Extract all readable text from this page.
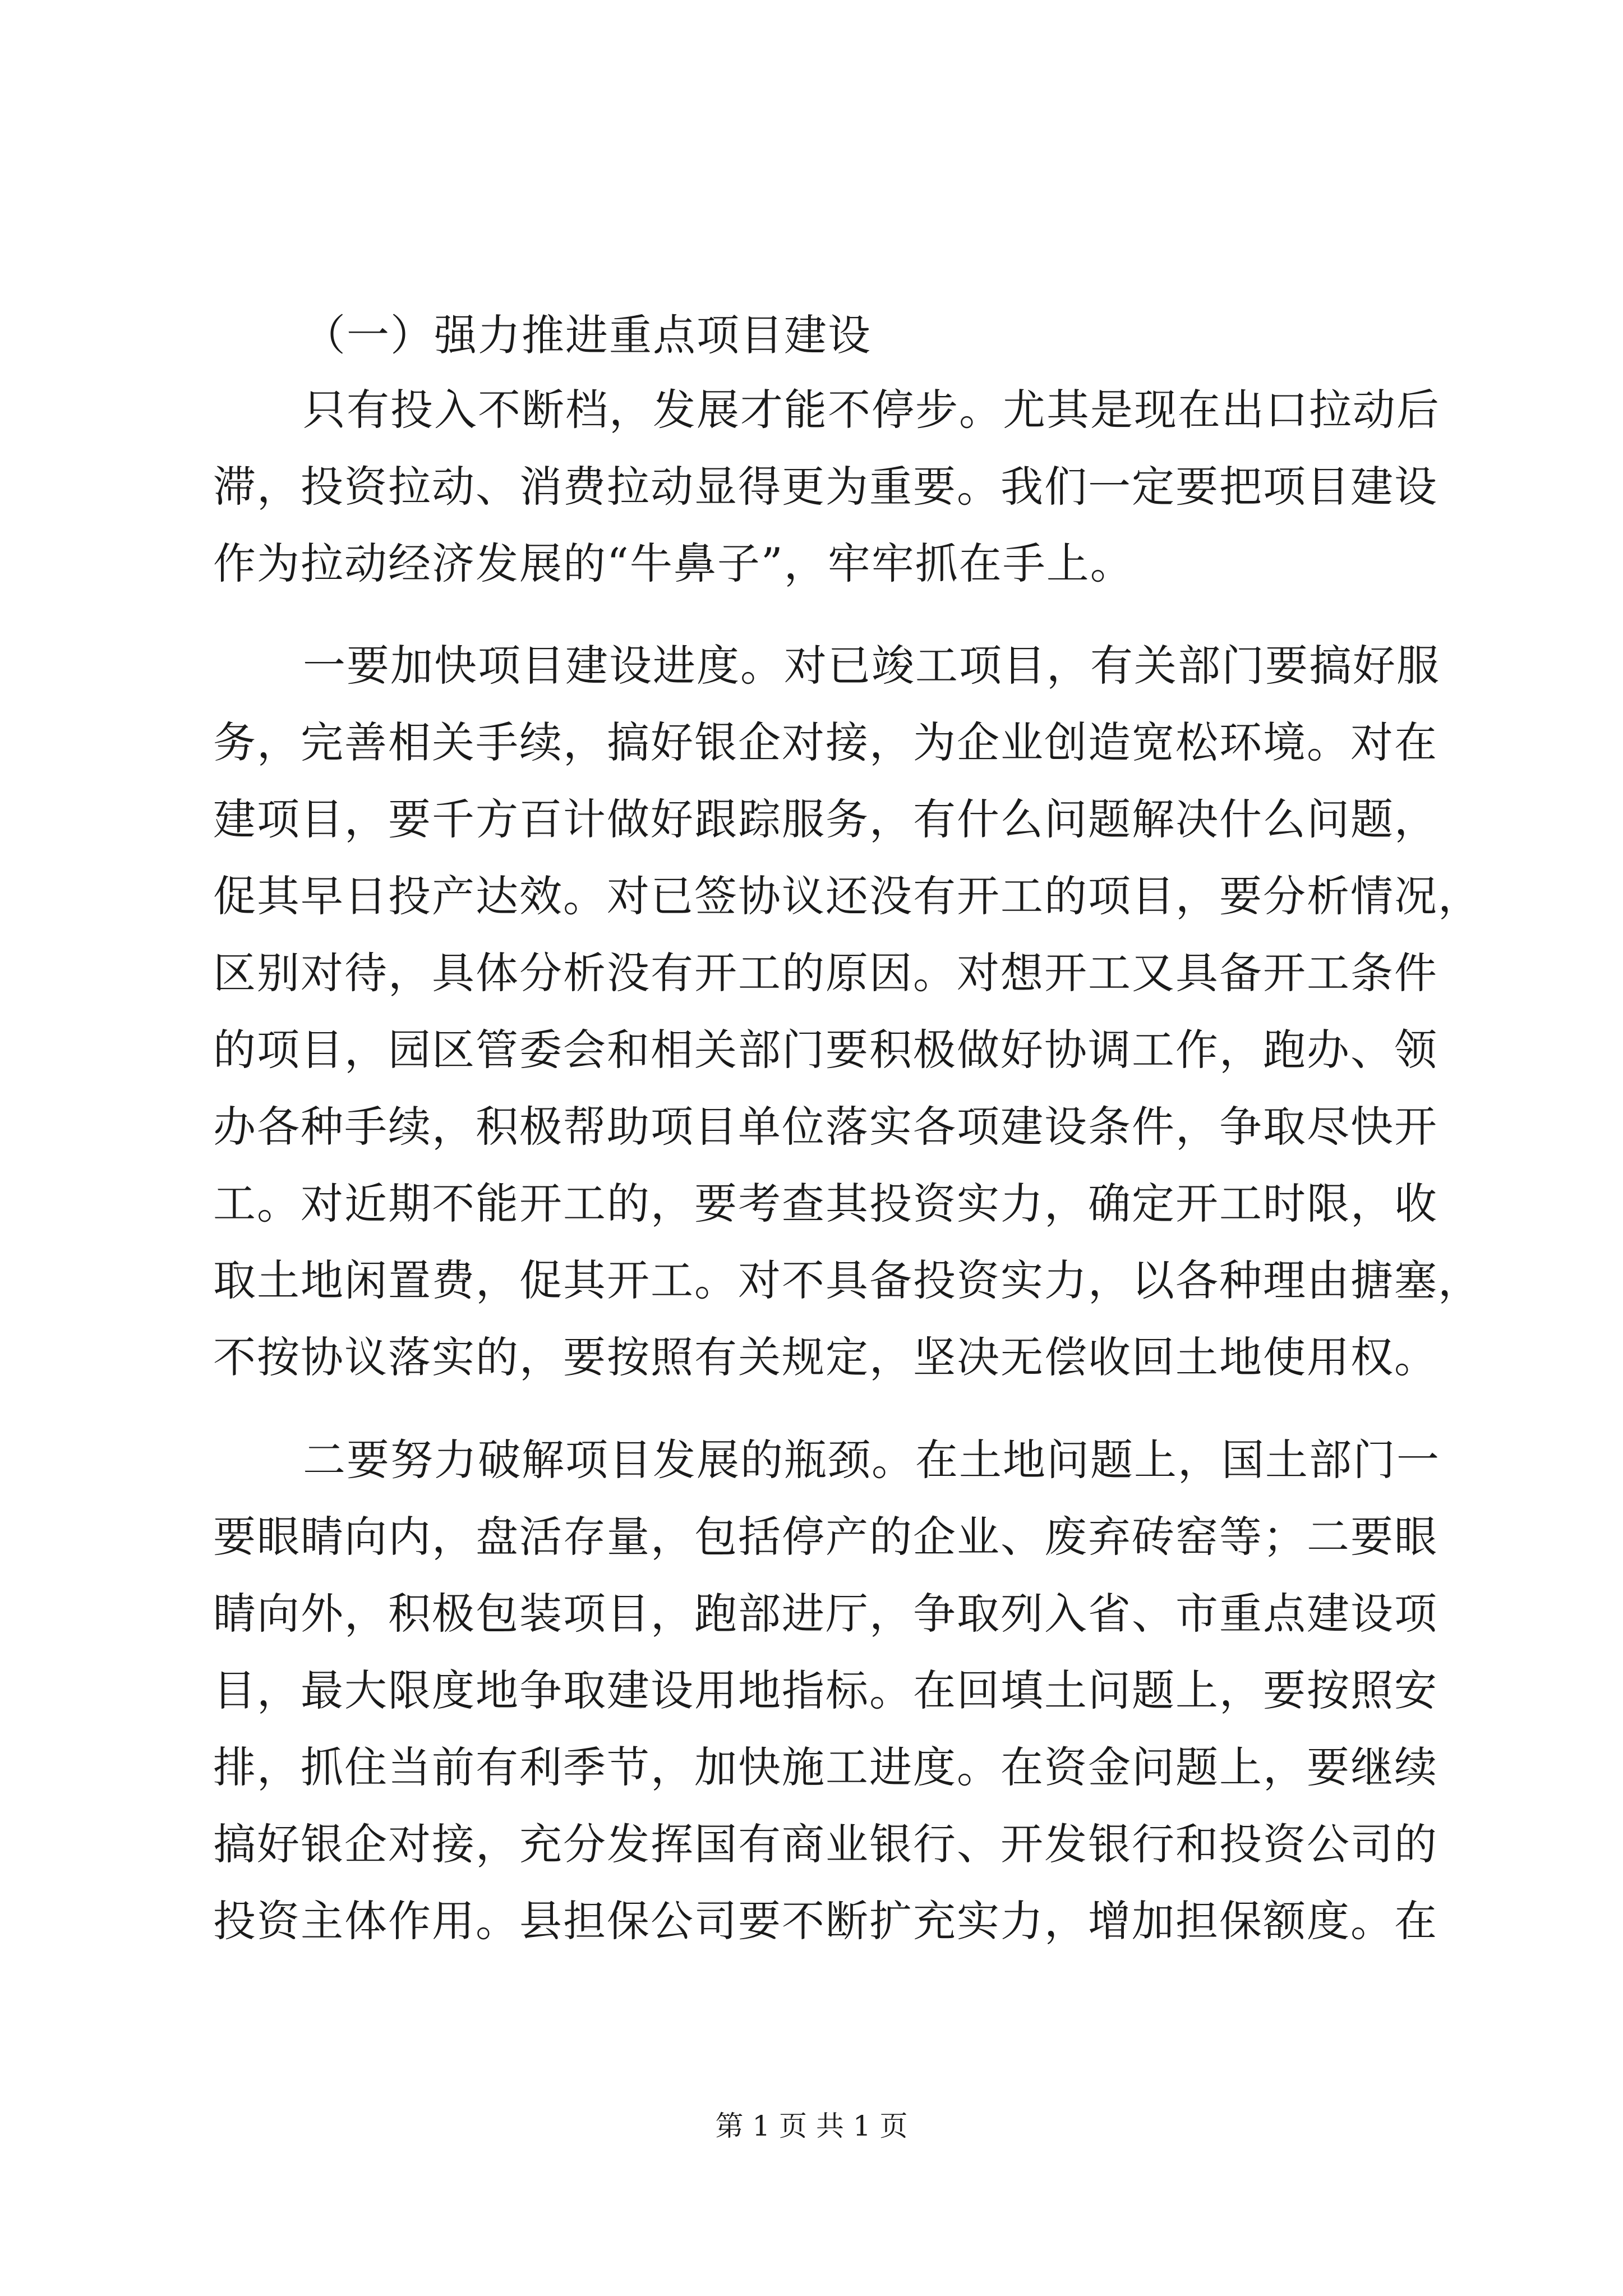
（一）强力推进重点项目建设
只有投入不断档，发展才能不停步。尤其是现在出口拉动后
滞，投资拉动、消费拉动显得更为重要。我们一定要把项目建设
作为拉动经济发展的“牛鼻子”，牢牢抓在手上。
一要加快项目建设进度。对已竣工项目，有关部门要搞好服
务，完善相关手续，搞好银企对接，为企业创造宽松环境。对在
建项目，要千方百计做好跟踪服务，有什么问题解决什么问题，
促其早日投产达效。对已签协议还没有开工的项目，要分析情况，
区别对待，具体分析没有开工的原因。对想开工又具备开工条件
的项目，园区管委会和相关部门要积极做好协调工作，跑办、领
办各种手续，积极帮助项目单位落实各项建设条件，争取尽快开
工。对近期不能开工的，要考查其投资实力，确定开工时限，收
取土地闲置费，促其开工。对不具备投资实力，以各种理由搪塞，
不按协议落实的，要按照有关规定，坚决无偿收回土地使用权。
二要努力破解项目发展的瓶颈。在土地问题上，国土部门一
要眼睛向内，盘活存量，包括停产的企业、废弃砖窑等；二要眼
睛向外，积极包装项目，跑部进厅，争取列入省、市重点建设项
目，最大限度地争取建设用地指标。在回填土问题上，要按照安
排，抓住当前有利季节，加快施工进度。在资金问题上，要继续
搞好银企对接，充分发挥国有商业银行、开发银行和投资公司的
投资主体作用。县担保公司要不断扩充实力，增加担保额度。在
第 1 页 共 1 页
